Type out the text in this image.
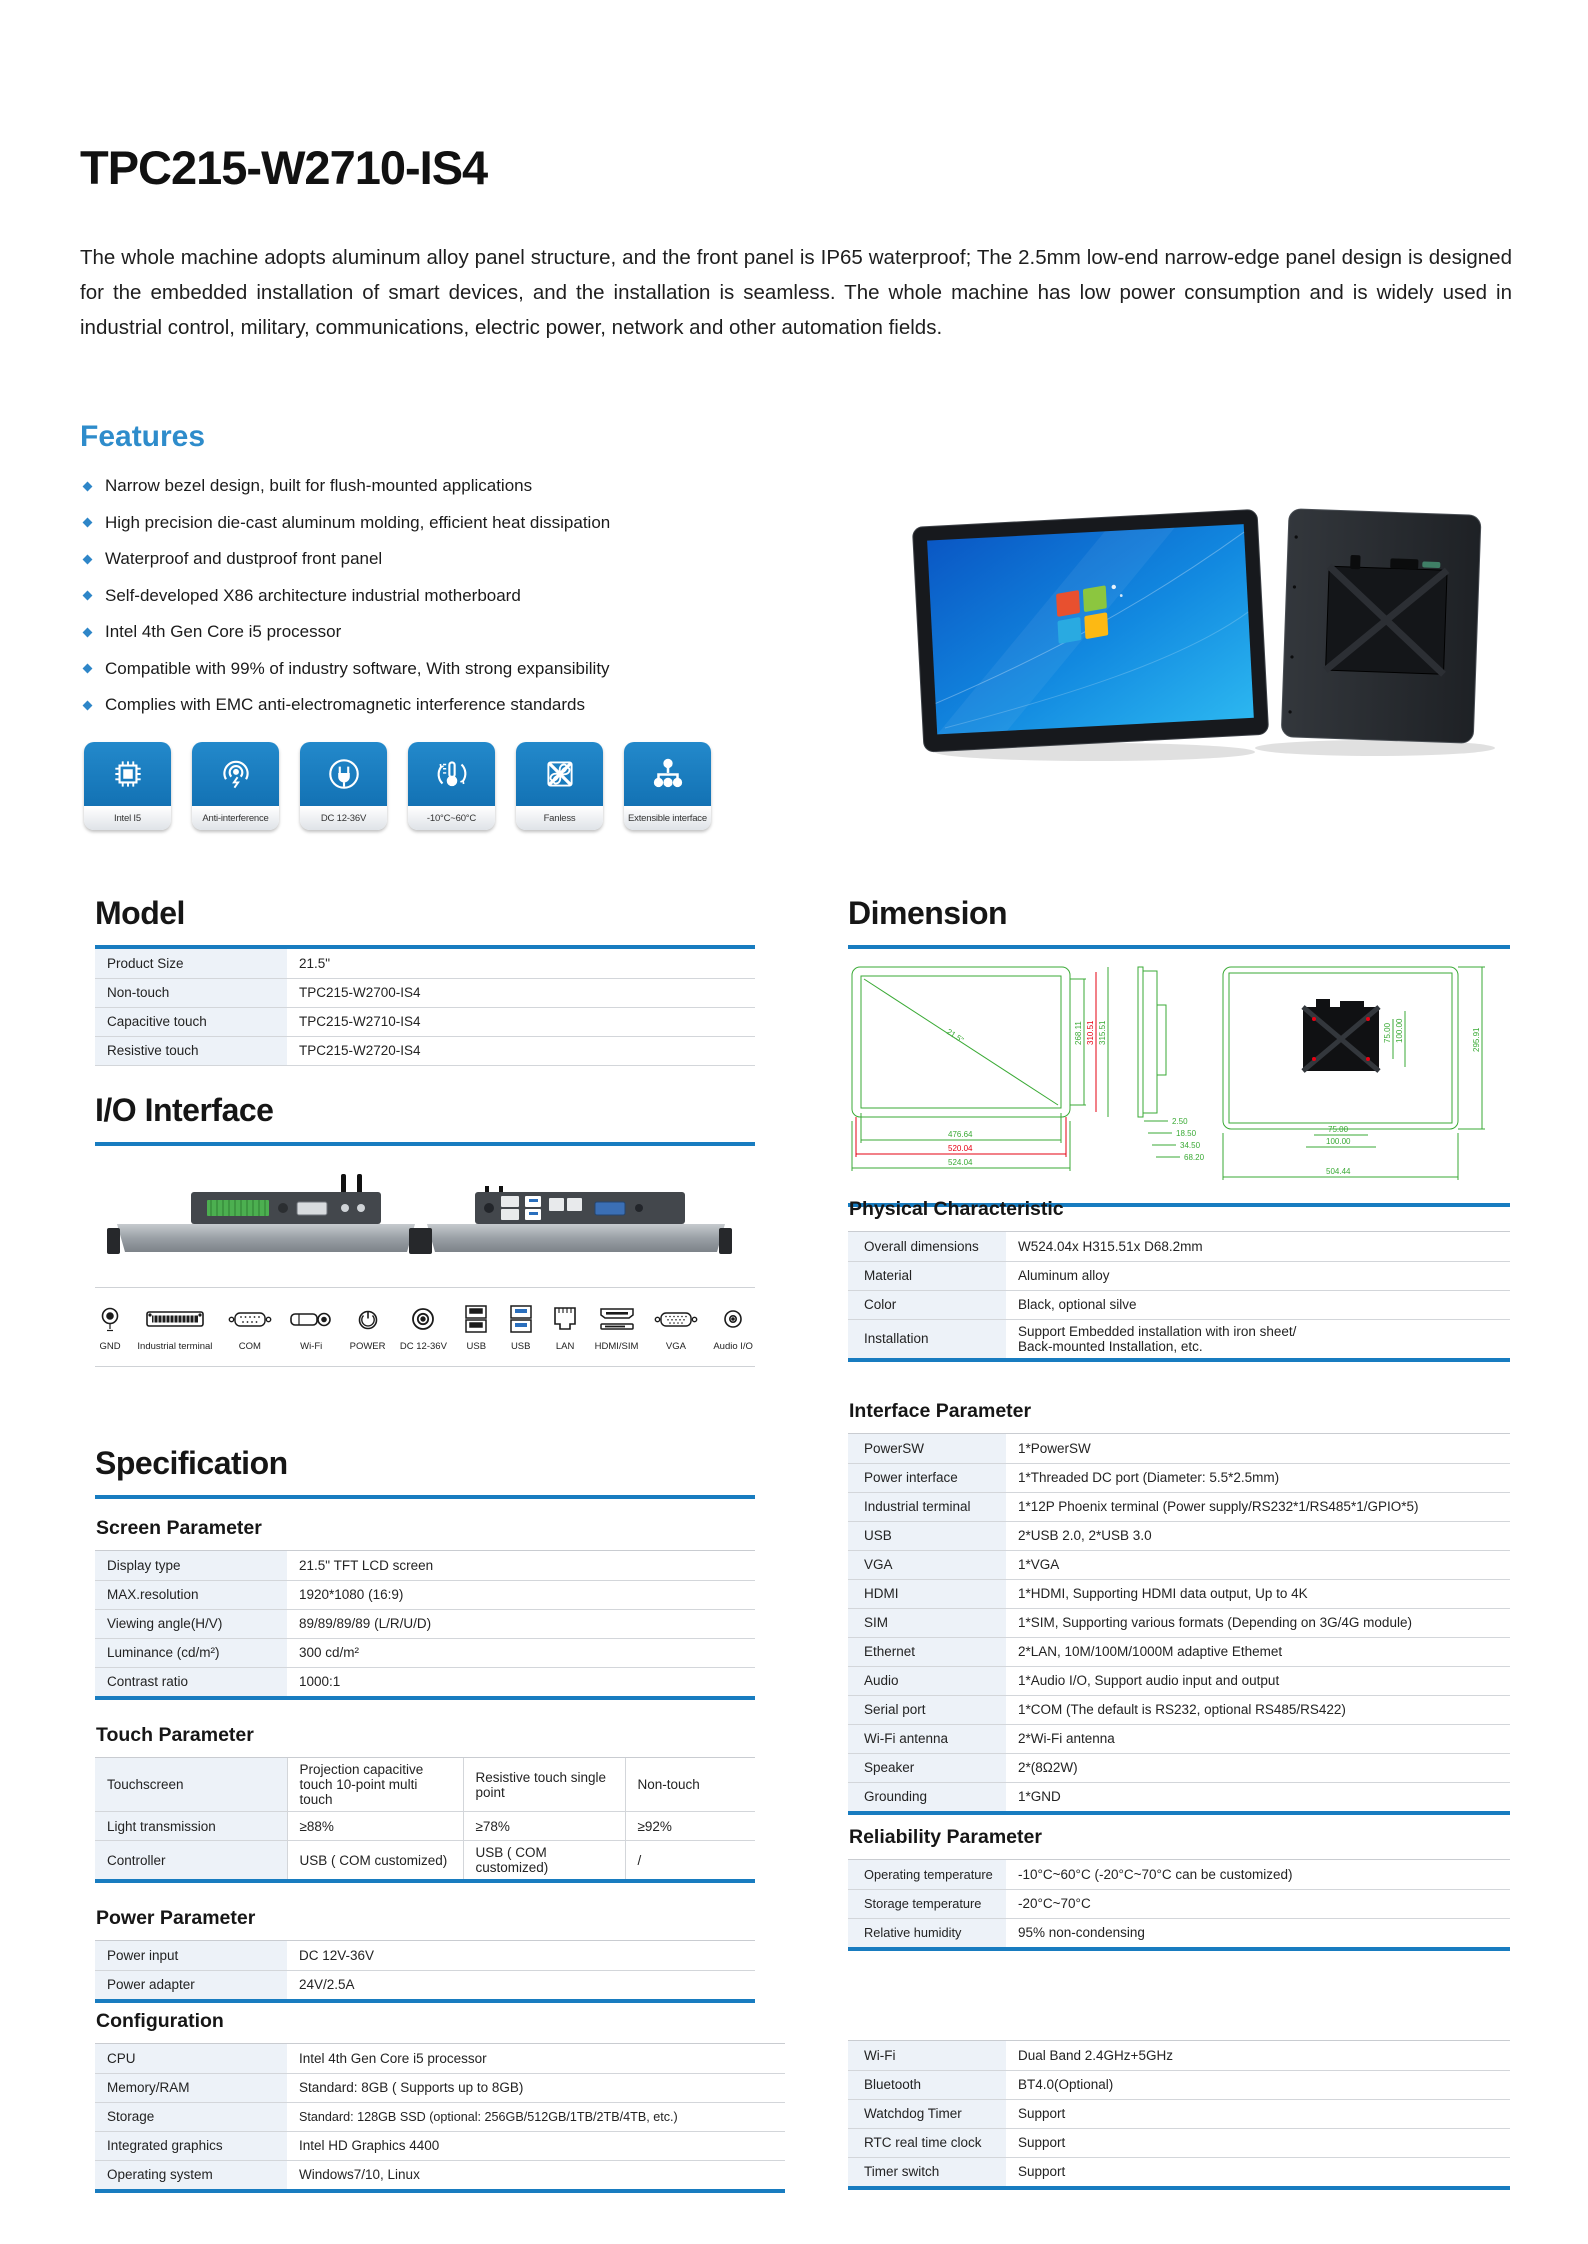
TPC215-W2710-IS4
The whole machine adopts aluminum alloy panel structure, and the front panel is IP65 waterproof; The 2.5mm low-end narrow-edge panel design is designed for the embedded installation of smart devices, and the installation is seamless. The whole machine has low power consumption and is widely used in industrial control, military, communications, electric power, network and other automation fields.
Features
Narrow bezel design, built for flush-mounted applications
High precision die-cast aluminum molding, efficient heat dissipation
Waterproof and dustproof front panel
Self-developed X86 architecture industrial motherboard
Intel 4th Gen Core i5 processor
Compatible with 99% of industry software, With strong expansibility
Complies with EMC anti-electromagnetic interference standards
Intel I5	Anti-interference	DC 12-36V	-10°C~60°C	Fanless	Extensible interface
Model
Product Size	21.5"
Non-touch	TPC215-W2700-IS4
Capacitive touch	TPC215-W2710-IS4
Resistive touch	TPC215-W2720-IS4
I/O Interface
GND Industrial terminal	COM	Wi-Fi	POWER DC 12-36V USB	USB	LAN HDMI/SIM	VGA	Audio I/O
Specification
Screen Parameter
Display type	21.5" TFT LCD screen
MAX.resolution	1920*1080 (16:9)
Viewing angle(H/V)	89/89/89/89 (L/R/U/D)
Luminance (cd/m²)	300 cd/m²
Contrast ratio	1000:1
Touch Parameter
Touchscreen	Projection capacitive touch 10-point multi touch	Resistive touch single point	Non-touch
Light transmission	≥88%	≥78%	≥92%
Controller	USB ( COM customized)	USB ( COM customized)	/
Power Parameter
Power input	DC 12V-36V
Power adapter	24V/2.5A
Configuration
CPU	Intel 4th Gen Core i5 processor
Memory/RAM	Standard: 8GB ( Supports up to 8GB)
Storage	Standard: 128GB SSD (optional: 256GB/512GB/1TB/2TB/4TB, etc.)
Integrated graphics	Intel HD Graphics 4400
Operating system	Windows7/10, Linux
Dimension
21.5"
476.64
520.04
524.04
268.11 310.51 315.51
2.50
18.50
34.50
68.20
75.00
100.00
504.44
75.00 100.00	295.91
Physical Characteristic
Overall dimensions	W524.04x H315.51x D68.2mm
Material	Aluminum alloy
Color	Black, optional silve
Installation	Support Embedded installation with iron sheet/
Back-mounted Installation, etc.
Interface Parameter
PowerSW	1*PowerSW
Power interface	1*Threaded DC port (Diameter: 5.5*2.5mm)
Industrial terminal	1*12P Phoenix terminal (Power supply/RS232*1/RS485*1/GPIO*5)
USB	2*USB 2.0, 2*USB 3.0
VGA	1*VGA
HDMI	1*HDMI, Supporting HDMI data output, Up to 4K
SIM	1*SIM, Supporting various formats (Depending on 3G/4G module)
Ethernet	2*LAN, 10M/100M/1000M adaptive Ethemet
Audio	1*Audio I/O, Support audio input and output
Serial port	1*COM (The default is RS232, optional RS485/RS422)
Wi-Fi antenna	2*Wi-Fi antenna
Speaker	2*(8Ω2W)
Grounding	1*GND
Reliability Parameter
Operating temperature	-10°C~60°C (-20°C~70°C can be customized)
Storage temperature	-20°C~70°C
Relative humidity	95% non-condensing
Wi-Fi	Dual Band 2.4GHz+5GHz
Bluetooth	BT4.0(Optional)
Watchdog Timer	Support
RTC real time clock	Support
Timer switch	Support
